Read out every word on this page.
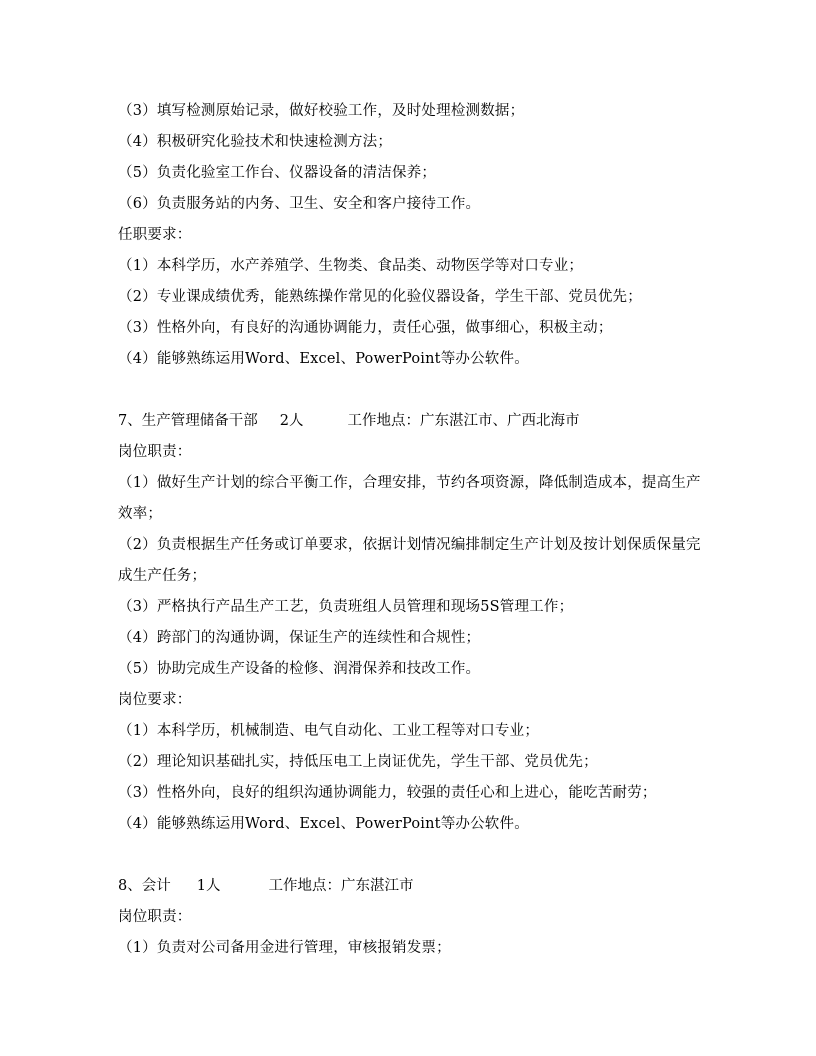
（3）填写检测原始记录，做好校验工作，及时处理检测数据；
（4）积极研究化验技术和快速检测方法；
（5）负责化验室工作台、仪器设备的清洁保养；
（6）负责服务站的内务、卫生、安全和客户接待工作。
任职要求：
（1）本科学历，水产养殖学、生物类、食品类、动物医学等对口专业；
（2）专业课成绩优秀，能熟练操作常见的化验仪器设备，学生干部、党员优先；
（3）性格外向，有良好的沟通协调能力，责任心强，做事细心，积极主动；
（4）能够熟练运用Word、Excel、PowerPoint等办公软件。
7、生产管理储备干部 2人	工作地点：广东湛江市、广西北海市
岗位职责：
（1）做好生产计划的综合平衡工作，合理安排，节约各项资源，降低制造成本，提高生产效率；
（2）负责根据生产任务或订单要求，依据计划情况编排制定生产计划及按计划保质保量完成生产任务；
（3）严格执行产品生产工艺，负责班组人员管理和现场5S管理工作；
（4）跨部门的沟通协调，保证生产的连续性和合规性；
（5）协助完成生产设备的检修、润滑保养和技改工作。
岗位要求：
（1）本科学历，机械制造、电气自动化、工业工程等对口专业；
（2）理论知识基础扎实，持低压电工上岗证优先，学生干部、党员优先；
（3）性格外向，良好的组织沟通协调能力，较强的责任心和上进心，能吃苦耐劳；
（4）能够熟练运用Word、Excel、PowerPoint等办公软件。
8、会计 1人	工作地点：广东湛江市
岗位职责：
（1）负责对公司备用金进行管理，审核报销发票；
